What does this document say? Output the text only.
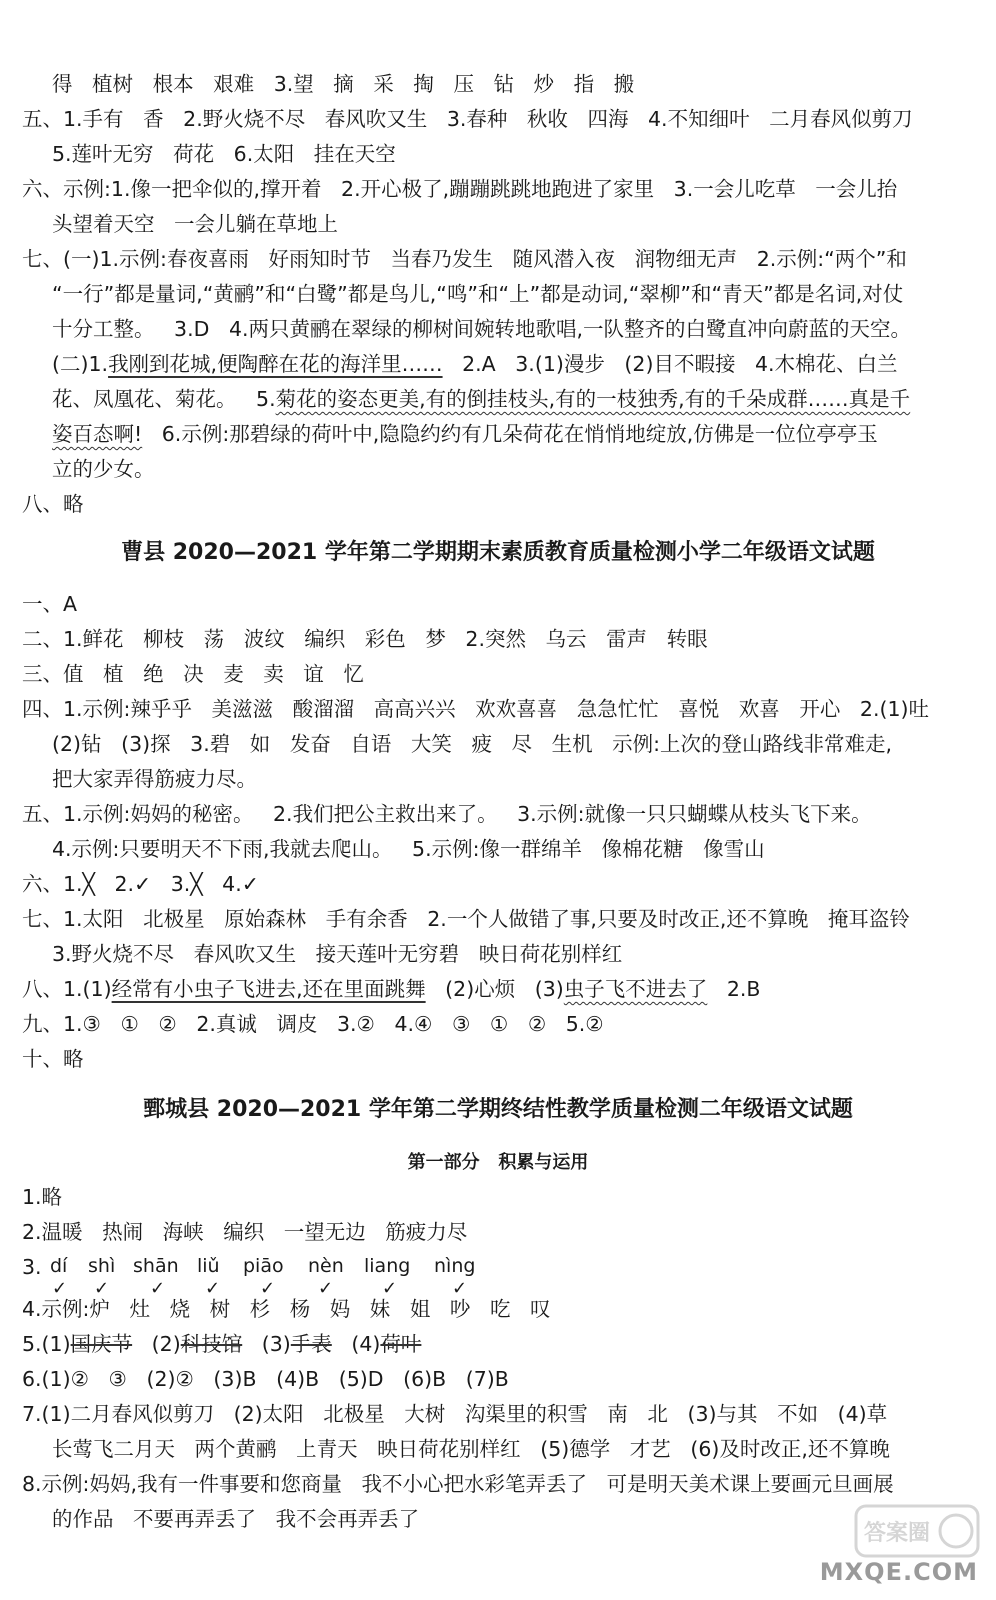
得   植树   根本   艰难   3.望   摘   采   掏   压   钻   炒   指   搬
五、1.手有   香   2.野火烧不尽   春风吹又生   3.春种   秋收   四海   4.不知细叶   二月春风似剪刀
5.莲叶无穷   荷花   6.太阳   挂在天空
六、示例:1.像一把伞似的,撑开着   2.开心极了,蹦蹦跳跳地跑进了家里   3.一会儿吃草   一会儿抬
头望着天空   一会儿躺在草地上
七、(一)1.示例:春夜喜雨   好雨知时节   当春乃发生   随风潜入夜   润物细无声   2.示例:“两个”和
“一行”都是量词,“黄鹂”和“白鹭”都是鸟儿,“鸣”和“上”都是动词,“翠柳”和“青天”都是名词,对仗
十分工整。   3.D   4.两只黄鹂在翠绿的柳树间婉转地歌唱,一队整齐的白鹭直冲向蔚蓝的天空。
(二)1.我刚到花城,便陶醉在花的海洋里……   2.A   3.(1)漫步   (2)目不暇接   4.木棉花、白兰
花、凤凰花、菊花。   5.菊花的姿态更美,有的倒挂枝头,有的一枝独秀,有的千朵成群……真是千
姿百态啊!   6.示例:那碧绿的荷叶中,隐隐约约有几朵荷花在悄悄地绽放,仿佛是一位位亭亭玉
立的少女。
八、略
曹县 2020—2021 学年第二学期期末素质教育质量检测小学二年级语文试题
一、A
二、1.鲜花   柳枝   荡   波纹   编织   彩色   梦   2.突然   乌云   雷声   转眼
三、值   植   绝   决   麦   卖   谊   忆
四、1.示例:辣乎乎   美滋滋   酸溜溜   高高兴兴   欢欢喜喜   急急忙忙   喜悦   欢喜   开心   2.(1)吐
(2)钻   (3)探   3.碧   如   发奋   自语   大笑   疲   尽   生机   示例:上次的登山路线非常难走,
把大家弄得筋疲力尽。
五、1.示例:妈妈的秘密。   2.我们把公主救出来了。   3.示例:就像一只只蝴蝶从枝头飞下来。
4.示例:只要明天不下雨,我就去爬山。   5.示例:像一群绵羊   像棉花糖   像雪山
六、1.╳   2.✓   3.╳   4.✓
七、1.太阳   北极星   原始森林   手有余香   2.一个人做错了事,只要及时改正,还不算晚   掩耳盗铃
3.野火烧不尽   春风吹又生   接天莲叶无穷碧   映日荷花别样红
八、1.(1)经常有小虫子飞进去,还在里面跳舞   (2)心烦   (3)虫子飞不进去了   2.B
九、1.③   ①   ②   2.真诚   调皮   3.②   4.④   ③   ①   ②   5.②
十、略
鄄城县 2020—2021 学年第二学期终结性教学质量检测二年级语文试题
第一部分   积累与运用
1.略
2.温暖   热闹   海峡   编织   一望无边   筋疲力尽
3. dí shì shān liǔ piāo nèn liang nìng
✓ ✓ ✓ ✓ ✓ ✓	✓	✓
4.示例:炉   灶   烧   树   杉   杨   妈   妹   姐   吵   吃   叹
5.(1)国庆节   (2)科技馆   (3)手表   (4)荷叶
6.(1)②   ③   (2)②   (3)B   (4)B   (5)D   (6)B   (7)B
7.(1)二月春风似剪刀   (2)太阳   北极星   大树   沟渠里的积雪   南   北   (3)与其   不如   (4)草
长莺飞二月天   两个黄鹂   上青天   映日荷花别样红   (5)德学   才艺   (6)及时改正,还不算晚
8.示例:妈妈,我有一件事要和您商量   我不小心把水彩笔弄丢了   可是明天美术课上要画元旦画展
的作品   不要再弄丢了   我不会再弄丢了
答案圈
MXQE.COM
